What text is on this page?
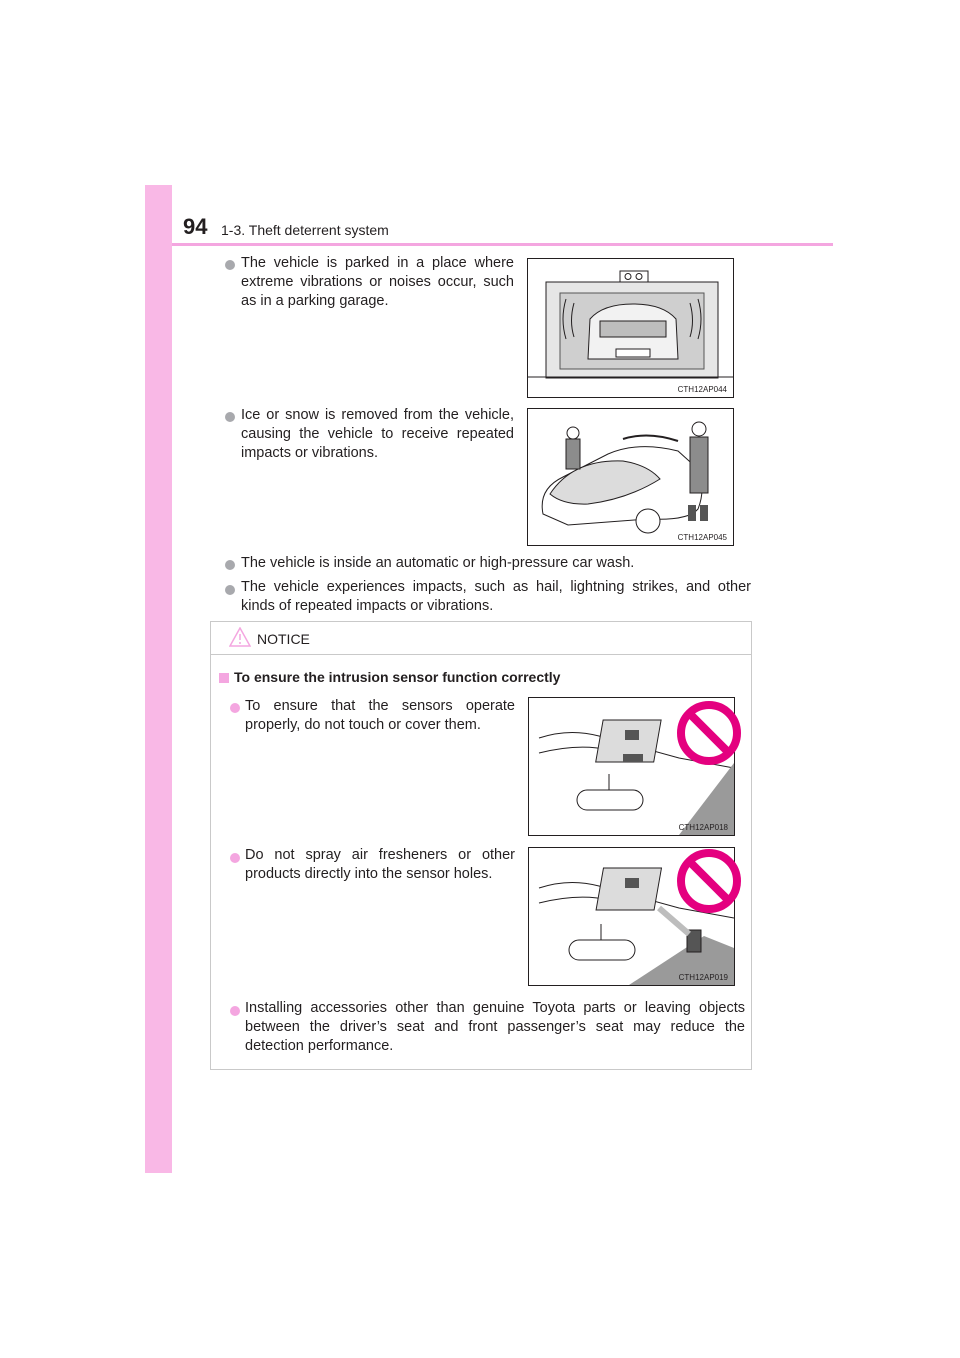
94 1-3. Theft deterrent system
The vehicle is parked in a place where extreme vibrations or noises occur, such as in a parking garage.
CTH12AP044
Ice or snow is removed from the vehicle, causing the vehicle to receive repeated impacts or vibrations.
CTH12AP045
The vehicle is inside an automatic or high-pressure car wash.
The vehicle experiences impacts, such as hail, lightning strikes, and other kinds of repeated impacts or vibrations.
NOTICE
To ensure the intrusion sensor function correctly
To ensure that the sensors operate properly, do not touch or cover them.
CTH12AP018
Do not spray air fresheners or other products directly into the sensor holes.
CTH12AP019
Installing accessories other than genuine Toyota parts or leaving objects between the driver’s seat and front passenger’s seat may reduce the detection performance.
